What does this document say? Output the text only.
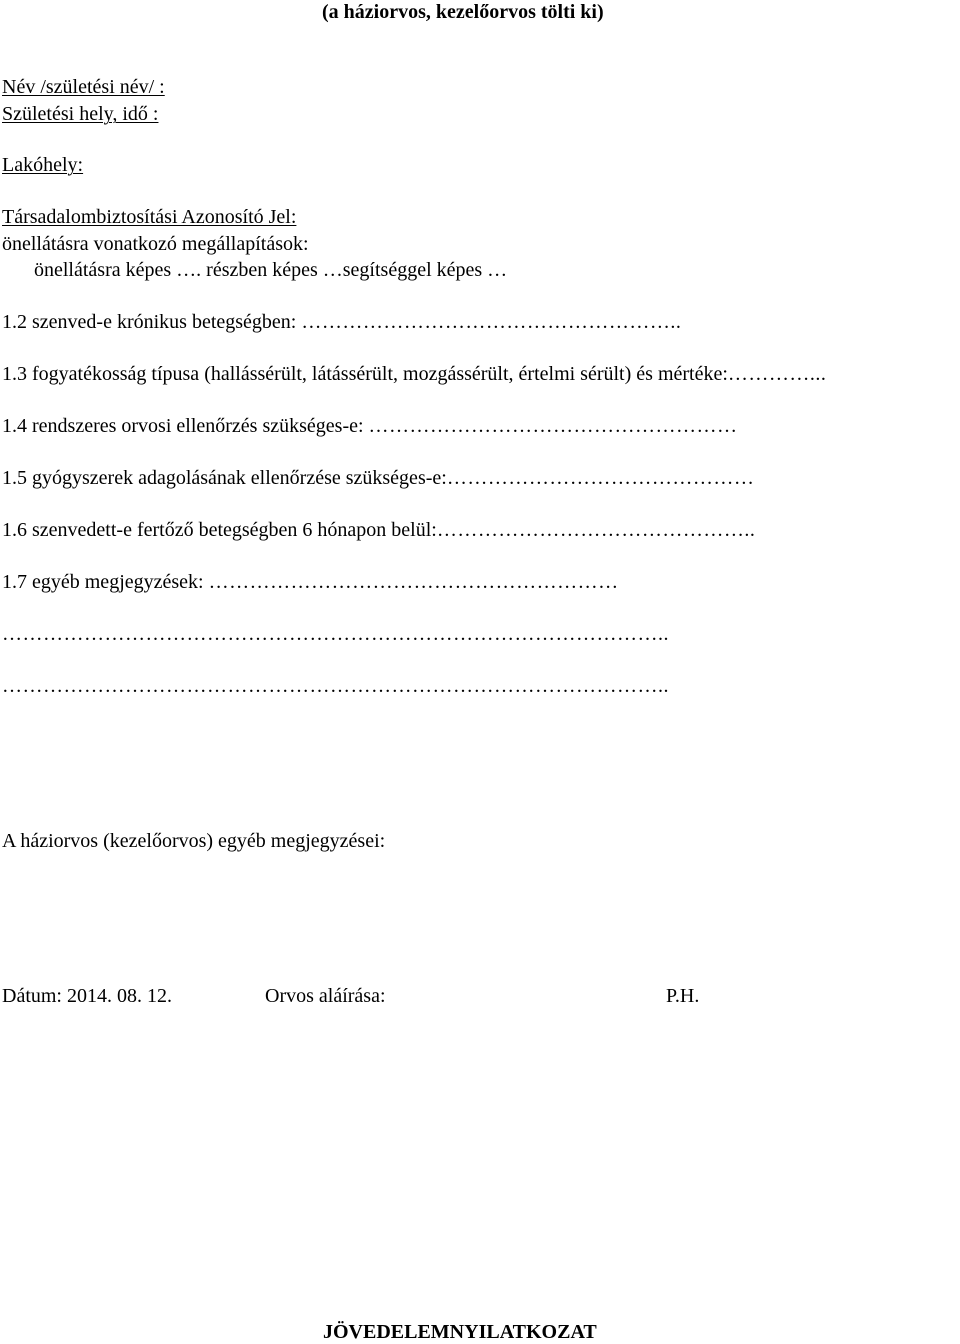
(a háziorvos, kezelőorvos tölti ki)
Név /születési név/ :
Születési hely, idő :
Lakóhely:
Társadalombiztosítási Azonosító Jel:
önellátásra vonatkozó megállapítások:
önellátásra képes …. részben képes …segítséggel képes …
1.2 szenved-e krónikus betegségben: ………………………………………………..
1.3 fogyatékosság típusa (hallássérült, látássérült, mozgássérült, értelmi sérült) és mértéke:…………...
1.4 rendszeres orvosi ellenőrzés szükséges-e: ………………………………………………
1.5 gyógyszerek adagolásának ellenőrzése szükséges-e:………………………………………
1.6 szenvedett-e fertőző betegségben 6 hónapon belül:………………………………………..
1.7 egyéb megjegyzések: ……………………………………………………
……………………………………………………………………………………..
……………………………………………………………………………………..
A háziorvos (kezelőorvos) egyéb megjegyzései:
Dátum: 2014. 08. 12.	Orvos aláírása:	P.H.
JÖVEDELEMNYILATKOZAT
